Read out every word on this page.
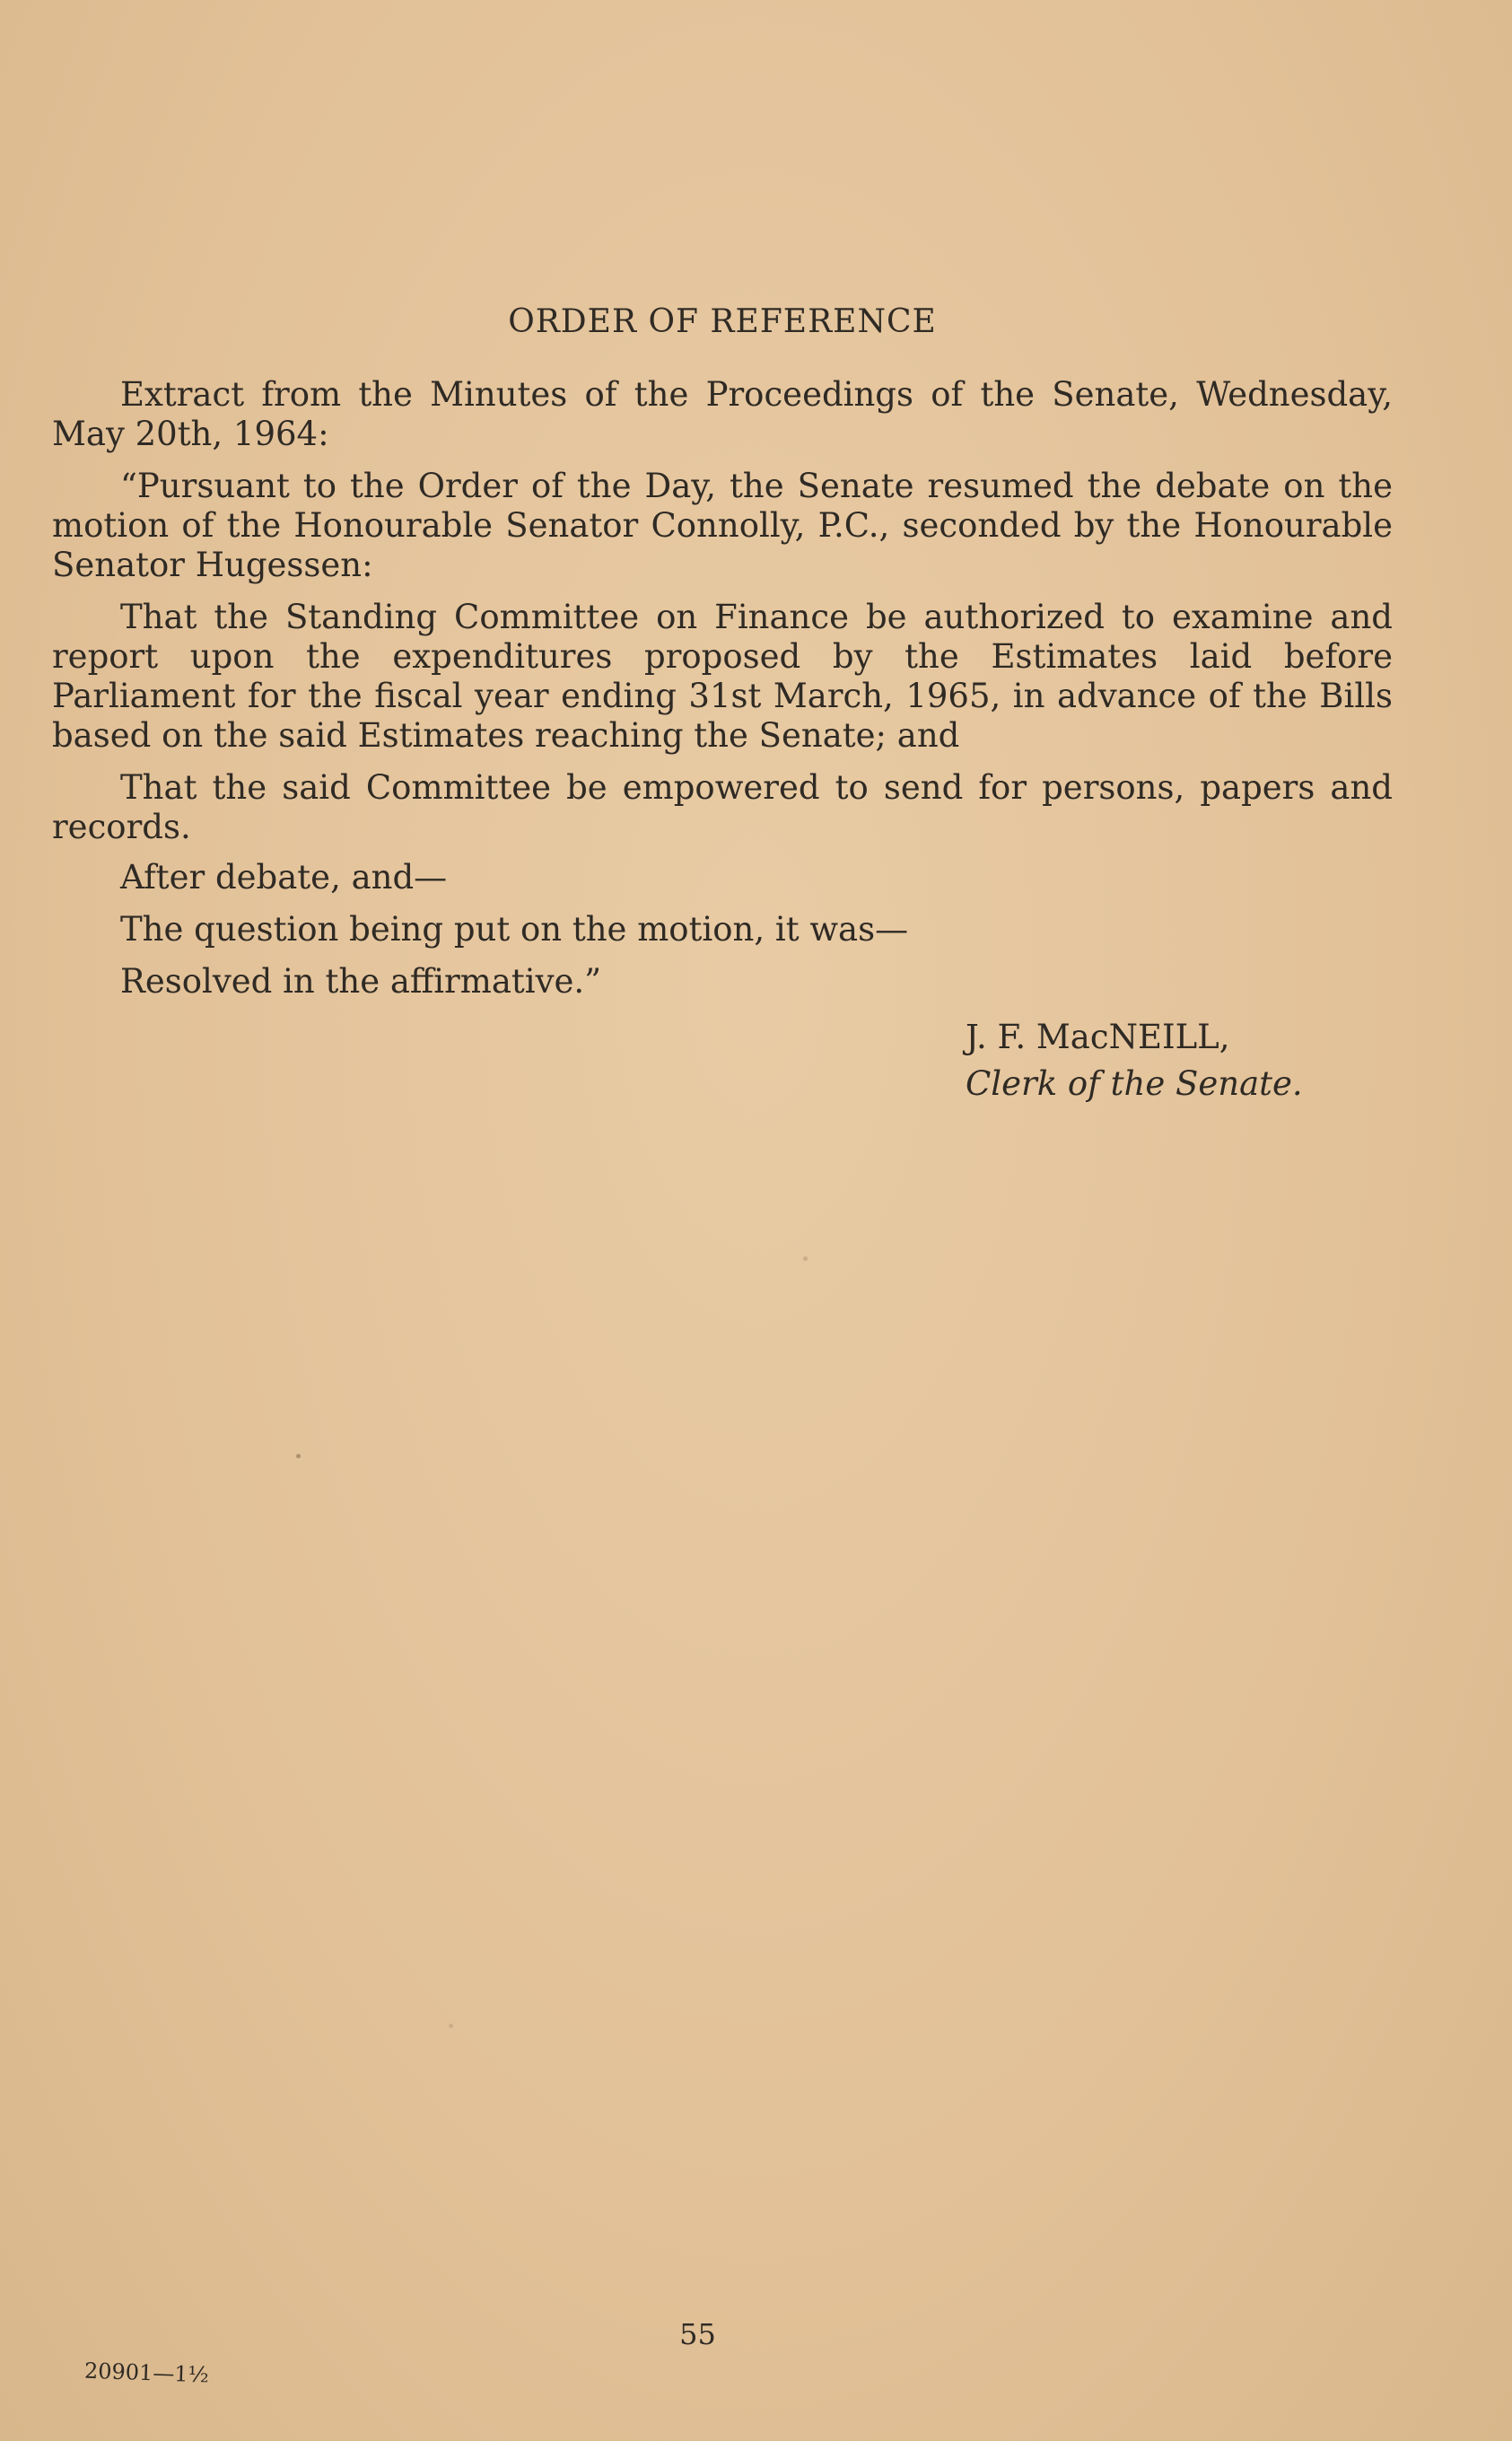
ORDER OF REFERENCE

Extract from the Minutes of the Proceedings of the Senate, Wednesday, May 20th, 1964:

“Pursuant to the Order of the Day, the Senate resumed the debate on the motion of the Honourable Senator Connolly, P.C., seconded by the Honourable Senator Hugessen:

That the Standing Committee on Finance be authorized to examine and report upon the expenditures proposed by the Estimates laid before Parliament for the fiscal year ending 31st March, 1965, in advance of the Bills based on the said Estimates reaching the Senate; and

That the said Committee be empowered to send for persons, papers and records.

After debate, and—
The question being put on the motion, it was—
Resolved in the affirmative.”
J. F. MacNEILL,
Clerk of the Senate.
55
20901—1½
